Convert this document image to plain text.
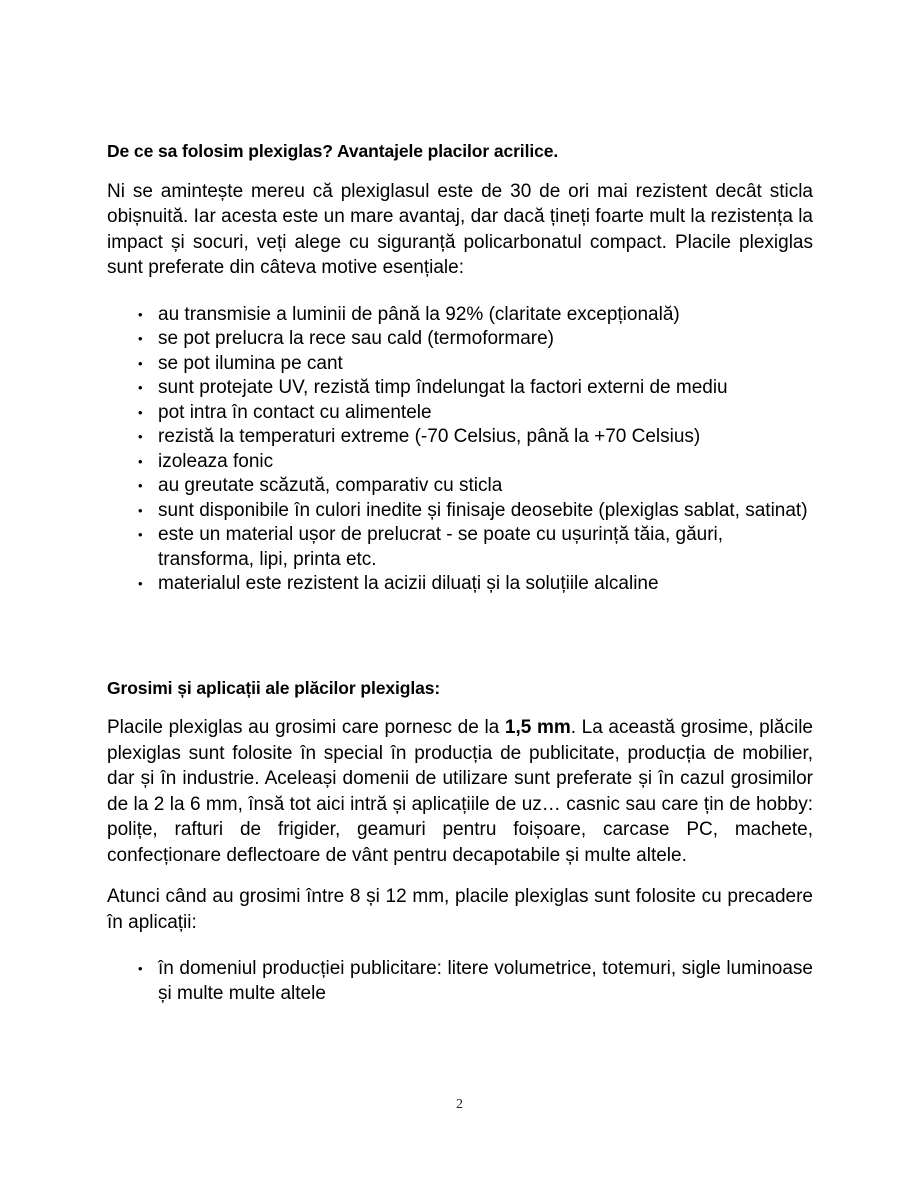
De ce sa folosim plexiglas? Avantajele placilor acrilice.

Ni se amintește mereu că plexiglasul este de 30 de ori mai rezistent decât sticla obișnuită. Iar acesta este un mare avantaj, dar dacă țineți foarte mult la rezistența la impact și socuri, veți alege cu siguranță policarbonatul compact. Placile plexiglas sunt preferate din câteva motive esențiale:

• au transmisie a luminii de până la 92% (claritate excepțională)
• se pot prelucra la rece sau cald (termoformare)
• se pot ilumina pe cant
• sunt protejate UV, rezistă timp îndelungat la factori externi de mediu
• pot intra în contact cu alimentele
• rezistă la temperaturi extreme (-70 Celsius, până la +70 Celsius)
• izoleaza fonic
• au greutate scăzută, comparativ cu sticla
• sunt disponibile în culori inedite și finisaje deosebite (plexiglas sablat, satinat)
• este un material ușor de prelucrat - se poate cu ușurință tăia, găuri, transforma, lipi, printa etc.
• materialul este rezistent la acizii diluați și la soluțiile alcaline
Grosimi și aplicații ale plăcilor plexiglas:

Placile plexiglas au grosimi care pornesc de la 1,5 mm. La această grosime, plăcile plexiglas sunt folosite în special în producția de publicitate, producția de mobilier, dar și în industrie. Aceleași domenii de utilizare sunt preferate și în cazul grosimilor de la 2 la 6 mm, însă tot aici intră și aplicațiile de uz… casnic sau care țin de hobby: polițe, rafturi de frigider, geamuri pentru foișoare, carcase PC, machete, confecționare deflectoare de vânt pentru decapotabile și multe altele.

Atunci când au grosimi între 8 și 12 mm, placile plexiglas sunt folosite cu precadere în aplicații:

• în domeniul producției publicitare: litere volumetrice, totemuri, sigle luminoase și multe multe altele
2
